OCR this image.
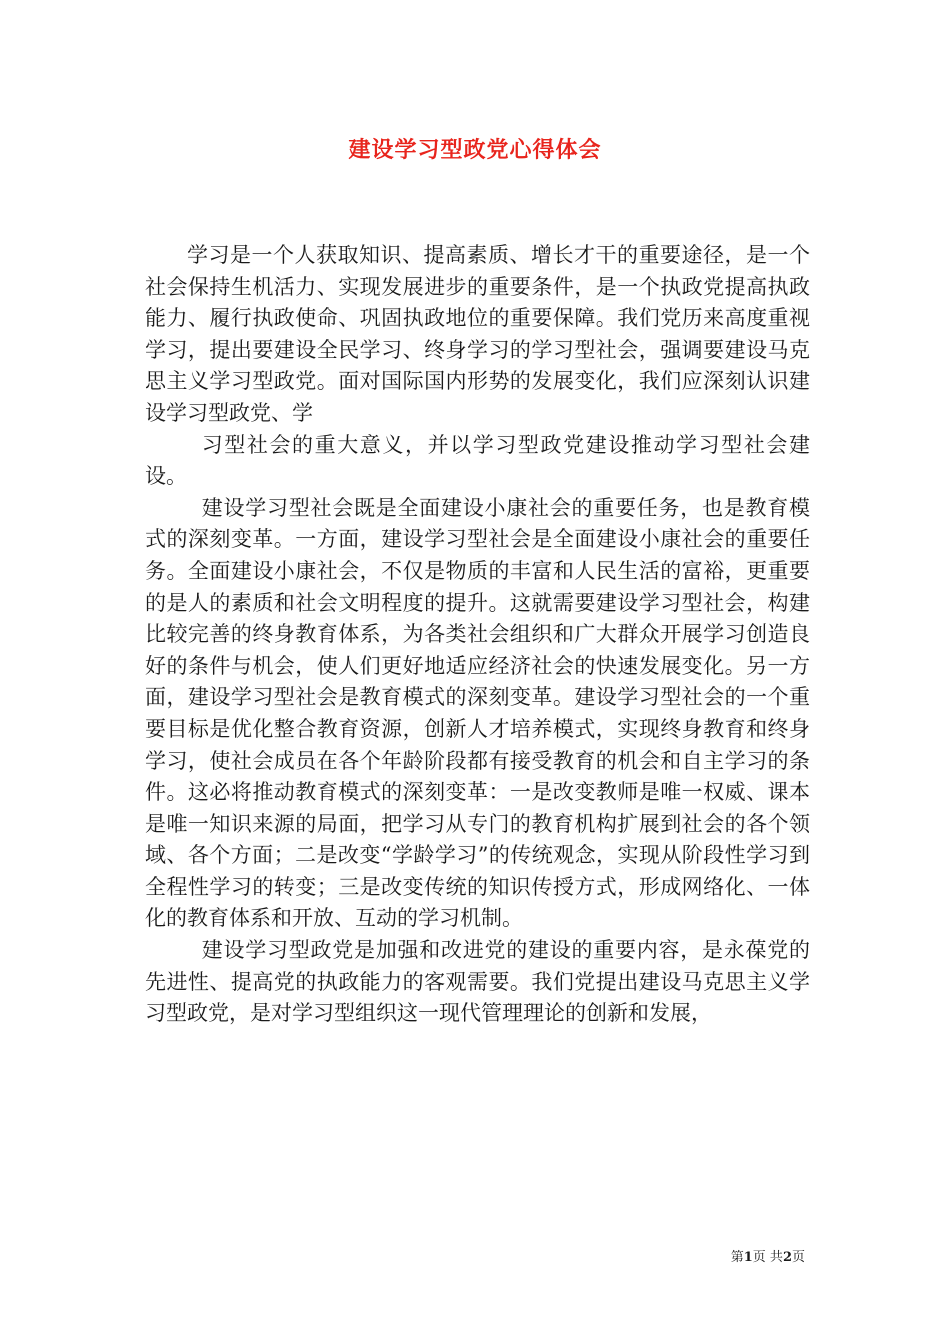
建设学习型政党心得体会

学习是一个人获取知识、提高素质、增长才干的重要途径，是一个社会保持生机活力、实现发展进步的重要条件，是一个执政党提高执政能力、履行执政使命、巩固执政地位的重要保障。我们党历来高度重视学习，提出要建设全民学习、终身学习的学习型社会，强调要建设马克思主义学习型政党。面对国际国内形势的发展变化，我们应深刻认识建设学习型政党、学

习型社会的重大意义，并以学习型政党建设推动学习型社会建设。

建设学习型社会既是全面建设小康社会的重要任务，也是教育模式的深刻变革。一方面，建设学习型社会是全面建设小康社会的重要任务。全面建设小康社会，不仅是物质的丰富和人民生活的富裕，更重要的是人的素质和社会文明程度的提升。这就需要建设学习型社会，构建比较完善的终身教育体系，为各类社会组织和广大群众开展学习创造良好的条件与机会，使人们更好地适应经济社会的快速发展变化。另一方面，建设学习型社会是教育模式的深刻变革。建设学习型社会的一个重要目标是优化整合教育资源，创新人才培养模式，实现终身教育和终身学习，使社会成员在各个年龄阶段都有接受教育的机会和自主学习的条件。这必将推动教育模式的深刻变革：一是改变教师是唯一权威、课本是唯一知识来源的局面，把学习从专门的教育机构扩展到社会的各个领域、各个方面；二是改变“学龄学习”的传统观念，实现从阶段性学习到全程性学习的转变；三是改变传统的知识传授方式，形成网络化、一体化的教育体系和开放、互动的学习机制。

建设学习型政党是加强和改进党的建设的重要内容，是永葆党的先进性、提高党的执政能力的客观需要。我们党提出建设马克思主义学习型政党，是对学习型组织这一现代管理理论的创新和发展，

第1页 共2页
